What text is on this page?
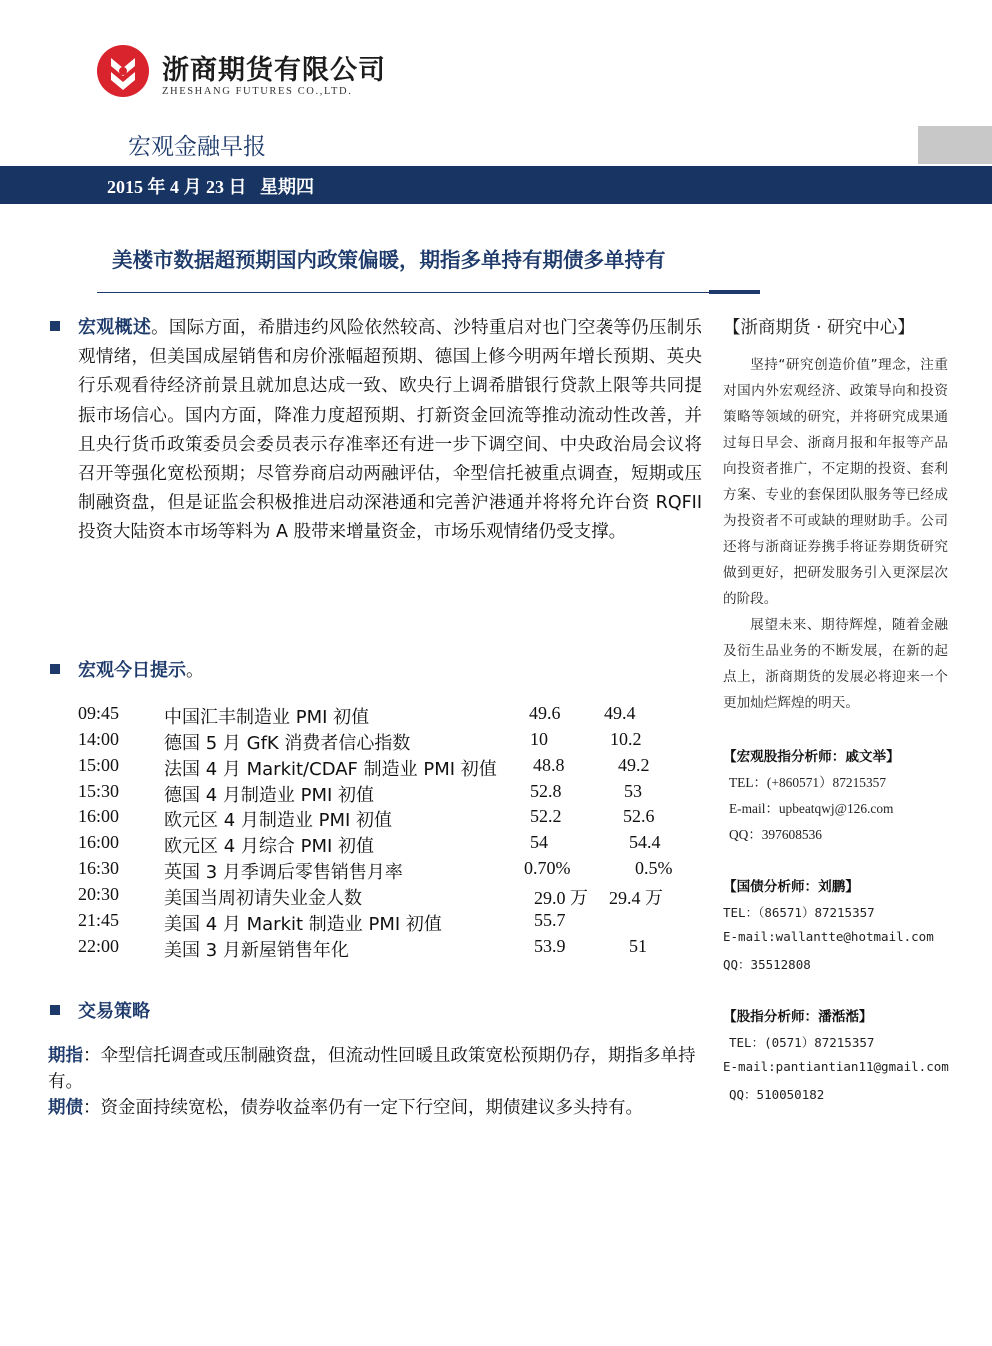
浙商期货有限公司
ZHESHANG FUTURES CO.,LTD.
宏观金融早报
2015 年 4 月 23 日 星期四
美楼市数据超预期国内政策偏暖，期指多单持有期债多单持有
宏观概述。国际方面，希腊违约风险依然较高、沙特重启对也门空袭等仍压制乐观情绪，但美国成屋销售和房价涨幅超预期、德国上修今明两年增长预期、英央行乐观看待经济前景且就加息达成一致、欧央行上调希腊银行贷款上限等共同提振市场信心。国内方面，降准力度超预期、打新资金回流等推动流动性改善，并且央行货币政策委员会委员表示存准率还有进一步下调空间、中央政治局会议将召开等强化宽松预期；尽管券商启动两融评估，伞型信托被重点调查，短期或压制融资盘，但是证监会积极推进启动深港通和完善沪港通并将将允许台资 RQFII 投资大陆资本市场等料为 A 股带来增量资金，市场乐观情绪仍受支撑。
宏观今日提示。
09:45 中国汇丰制造业 PMI 初值	49.6 49.4
14:00 德国 5 月 GfK 消费者信心指数	10	10.2
15:00 法国 4 月 Markit/CDAF 制造业 PMI 初值 48.8	49.2
15:30 德国 4 月制造业 PMI 初值	52.8	53
16:00 欧元区 4 月制造业 PMI 初值	52.2	52.6
16:00 欧元区 4 月综合 PMI 初值	54	54.4
16:30 英国 3 月季调后零售销售月率	0.70%	0.5%
20:30 美国当周初请失业金人数	29.0 万 29.4 万
21:45 美国 4 月 Markit 制造业 PMI 初值	55.7
22:00 美国 3 月新屋销售年化	53.9	51
交易策略
期指：伞型信托调查或压制融资盘，但流动性回暖且政策宽松预期仍存，期指多单持有。
期债：资金面持续宽松，债券收益率仍有一定下行空间，期债建议多头持有。
【浙商期货 · 研究中心】

坚持“研究创造价值”理念，注重对国内外宏观经济、政策导向和投资策略等领域的研究，并将研究成果通过每日早会、浙商月报和年报等产品向投资者推广，不定期的投资、套利方案、专业的套保团队服务等已经成为投资者不可或缺的理财助手。公司还将与浙商证券携手将证券期货研究做到更好，把研发服务引入更深层次的阶段。

展望未来、期待辉煌，随着金融及衍生品业务的不断发展，在新的起点上，浙商期货的发展必将迎来一个更加灿烂辉煌的明天。

【宏观股指分析师：戚文举】
TEL：(+860571）87215357
E-mail：upbeatqwj@126.com
QQ：397608536
【国债分析师：刘鹏】
TEL：（86571）87215357
E-mail:wallantte@hotmail.com
QQ：35512808
【股指分析师：潘湉湉】
TEL：(0571）87215357
E-mail:pantiantian11@gmail.com
QQ：510050182
